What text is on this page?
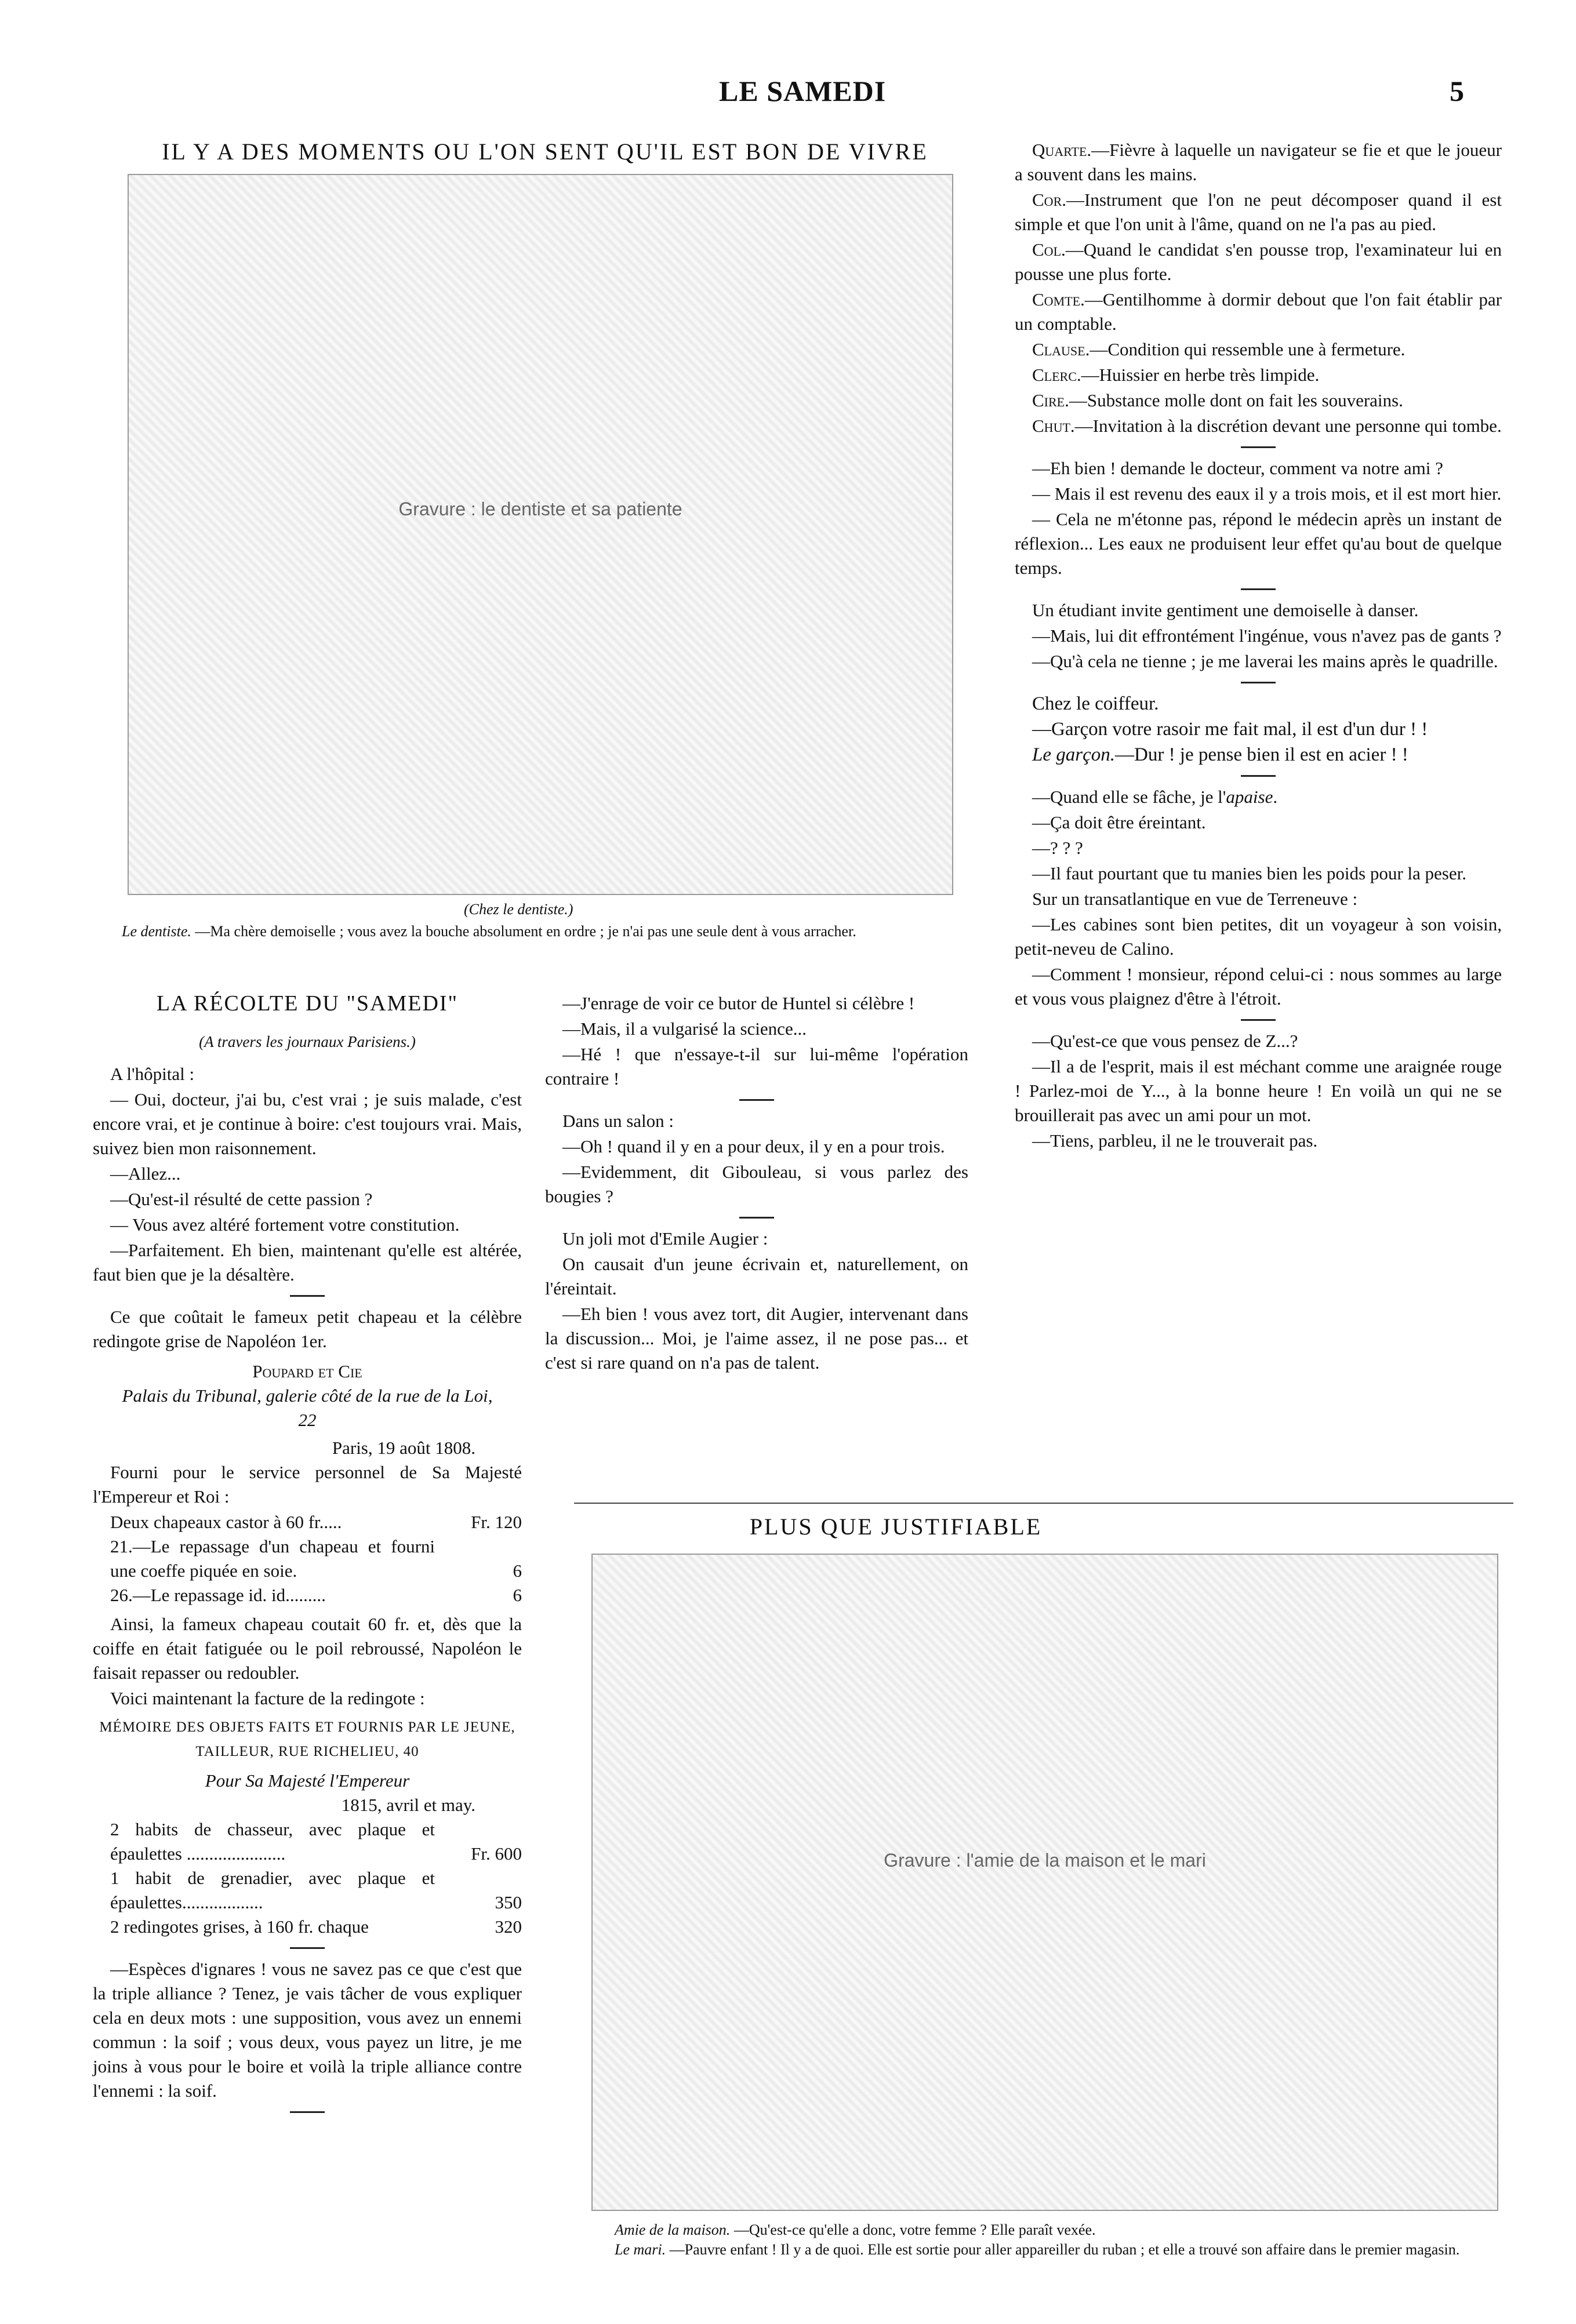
LE SAMEDI	5
IL Y A DES MOMENTS OU L'ON SENT QU'IL EST BON DE VIVRE
Gravure : le dentiste et sa patiente
(Chez le dentiste.)
Le dentiste. —Ma chère demoiselle ; vous avez la bouche absolument en ordre ; je n'ai pas une seule dent à vous arracher.
LA RÉCOLTE DU "SAMEDI"
(A travers les journaux Parisiens.)

A l'hôpital :

— Oui, docteur, j'ai bu, c'est vrai ; je suis malade, c'est encore vrai, et je continue à boire: c'est toujours vrai. Mais, suivez bien mon raisonnement.

—Allez...

—Qu'est-il résulté de cette passion ?

— Vous avez altéré fortement votre constitution.

—Parfaitement. Eh bien, maintenant qu'elle est altérée, faut bien que je la désaltère.

Ce que coûtait le fameux petit chapeau et la célèbre redingote grise de Napoléon 1er.

Poupard et Cie
Palais du Tribunal, galerie côté de la rue de la Loi, 22
Paris, 19 août 1808.

Fourni pour le service personnel de Sa Majesté l'Empereur et Roi :

Deux chapeaux castor à 60 fr.....	Fr. 120
21.—Le repassage d'un chapeau et fourni une coeffe piquée en soie.	6
26.—Le repassage id. id.........	6

Ainsi, la fameux chapeau coutait 60 fr. et, dès que la coiffe en était fatiguée ou le poil rebroussé, Napoléon le faisait repasser ou redoubler.

Voici maintenant la facture de la redingote :

MÉMOIRE DES OBJETS FAITS ET FOURNIS PAR LE JEUNE, TAILLEUR, RUE RICHELIEU, 40
Pour Sa Majesté l'Empereur
1815, avril et may.
2 habits de chasseur, avec plaque et épaulettes ......................	Fr. 600
1 habit de grenadier, avec plaque et épaulettes..................	350
2 redingotes grises, à 160 fr. chaque	320

—Espèces d'ignares ! vous ne savez pas ce que c'est que la triple alliance ? Tenez, je vais tâcher de vous expliquer cela en deux mots : une supposition, vous avez un ennemi commun : la soif ; vous deux, vous payez un litre, je me joins à vous pour le boire et voilà la triple alliance contre l'ennemi : la soif.

—J'enrage de voir ce butor de Huntel si célèbre !

—Mais, il a vulgarisé la science...

—Hé ! que n'essaye-t-il sur lui-même l'opération contraire !

Dans un salon :

—Oh ! quand il y en a pour deux, il y en a pour trois.

—Evidemment, dit Gibouleau, si vous parlez des bougies ?

Un joli mot d'Emile Augier :

On causait d'un jeune écrivain et, naturellement, on l'éreintait.

—Eh bien ! vous avez tort, dit Augier, intervenant dans la discussion... Moi, je l'aime assez, il ne pose pas... et c'est si rare quand on n'a pas de talent.

Quarte.—Fièvre à laquelle un navigateur se fie et que le joueur a souvent dans les mains.

Cor.—Instrument que l'on ne peut décomposer quand il est simple et que l'on unit à l'âme, quand on ne l'a pas au pied.

Col.—Quand le candidat s'en pousse trop, l'examinateur lui en pousse une plus forte.

Comte.—Gentilhomme à dormir debout que l'on fait établir par un comptable.

Clause.—Condition qui ressemble une à fermeture.

Clerc.—Huissier en herbe très limpide.

Cire.—Substance molle dont on fait les souverains.

Chut.—Invitation à la discrétion devant une personne qui tombe.

—Eh bien ! demande le docteur, comment va notre ami ?

— Mais il est revenu des eaux il y a trois mois, et il est mort hier.

— Cela ne m'étonne pas, répond le médecin après un instant de réflexion... Les eaux ne produisent leur effet qu'au bout de quelque temps.

Un étudiant invite gentiment une demoiselle à danser.

—Mais, lui dit effrontément l'ingénue, vous n'avez pas de gants ?

—Qu'à cela ne tienne ; je me laverai les mains après le quadrille.

Chez le coiffeur.

—Garçon votre rasoir me fait mal, il est d'un dur ! !

Le garçon.—Dur ! je pense bien il est en acier ! !

—Quand elle se fâche, je l'apaise.

—Ça doit être éreintant.

—? ? ?

—Il faut pourtant que tu manies bien les poids pour la peser.

Sur un transatlantique en vue de Terreneuve :

—Les cabines sont bien petites, dit un voyageur à son voisin, petit-neveu de Calino.

—Comment ! monsieur, répond celui-ci : nous sommes au large et vous vous plaignez d'être à l'étroit.

—Qu'est-ce que vous pensez de Z...?

—Il a de l'esprit, mais il est méchant comme une araignée rouge ! Parlez-moi de Y..., à la bonne heure ! En voilà un qui ne se brouillerait pas avec un ami pour un mot.

—Tiens, parbleu, il ne le trouverait pas.

PLUS QUE JUSTIFIABLE
Gravure : l'amie de la maison et le mari
Amie de la maison. —Qu'est-ce qu'elle a donc, votre femme ? Elle paraît vexée.
Le mari. —Pauvre enfant ! Il y a de quoi. Elle est sortie pour aller appareiller du ruban ; et elle a trouvé son affaire dans le premier magasin.
